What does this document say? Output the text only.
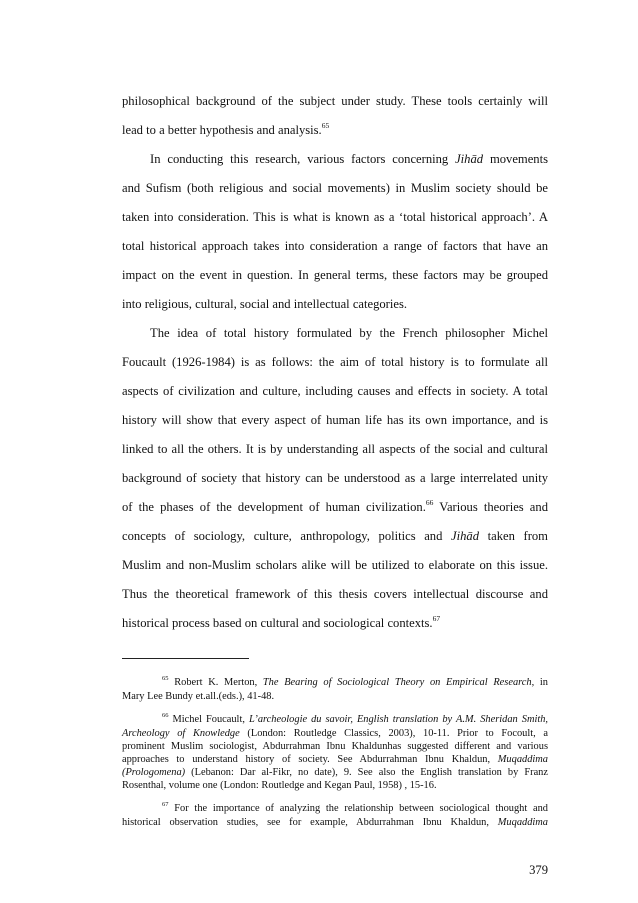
philosophical background of the subject under study. These tools certainly will
lead to a better hypothesis and analysis.$^{65}$
In conducting this research, various factors concerning Jihād movements
and Sufism (both religious and social movements) in Muslim society should be
taken into consideration. This is what is known as a ‘total historical approach’. A
total historical approach takes into consideration a range of factors that have an
impact on the event in question. In general terms, these factors may be grouped
into religious, cultural, social and intellectual categories.
The idea of total history formulated by the French philosopher Michel
Foucault (1926-1984) is as follows: the aim of total history is to formulate all
aspects of civilization and culture, including causes and effects in society. A total
history will show that every aspect of human life has its own importance, and is
linked to all the others. It is by understanding all aspects of the social and cultural
background of society that history can be understood as a large interrelated unity
of the phases of the development of human civilization.$^{66}$ Various theories and
concepts of sociology, culture, anthropology, politics and Jihād taken from
Muslim and non-Muslim scholars alike will be utilized to elaborate on this issue.
Thus the theoretical framework of this thesis covers intellectual discourse and
historical process based on cultural and sociological contexts.$^{67}$
$^{65}$ Robert K. Merton, The Bearing of Sociological Theory on Empirical Research, in
Mary Lee Bundy et.all.(eds.), 41-48.
$^{66}$ Michel Foucault, L’archeologie du savoir, English translation by A.M. Sheridan Smith,
Archeology of Knowledge (London: Routledge Classics, 2003), 10-11. Prior to Focoult, a
prominent Muslim sociologist, Abdurrahman Ibnu Khaldunhas suggested different and various
approaches to understand history of society. See Abdurrahman Ibnu Khaldun, Muqaddima
(Prologomena) (Lebanon: Dar al-Fikr, no date), 9. See also the English translation by Franz
Rosenthal, volume one (London: Routledge and Kegan Paul, 1958) , 15-16.
$^{67}$ For the importance of analyzing the relationship between sociological thought and
historical observation studies, see for example, Abdurrahman Ibnu Khaldun, Muqaddima
379
